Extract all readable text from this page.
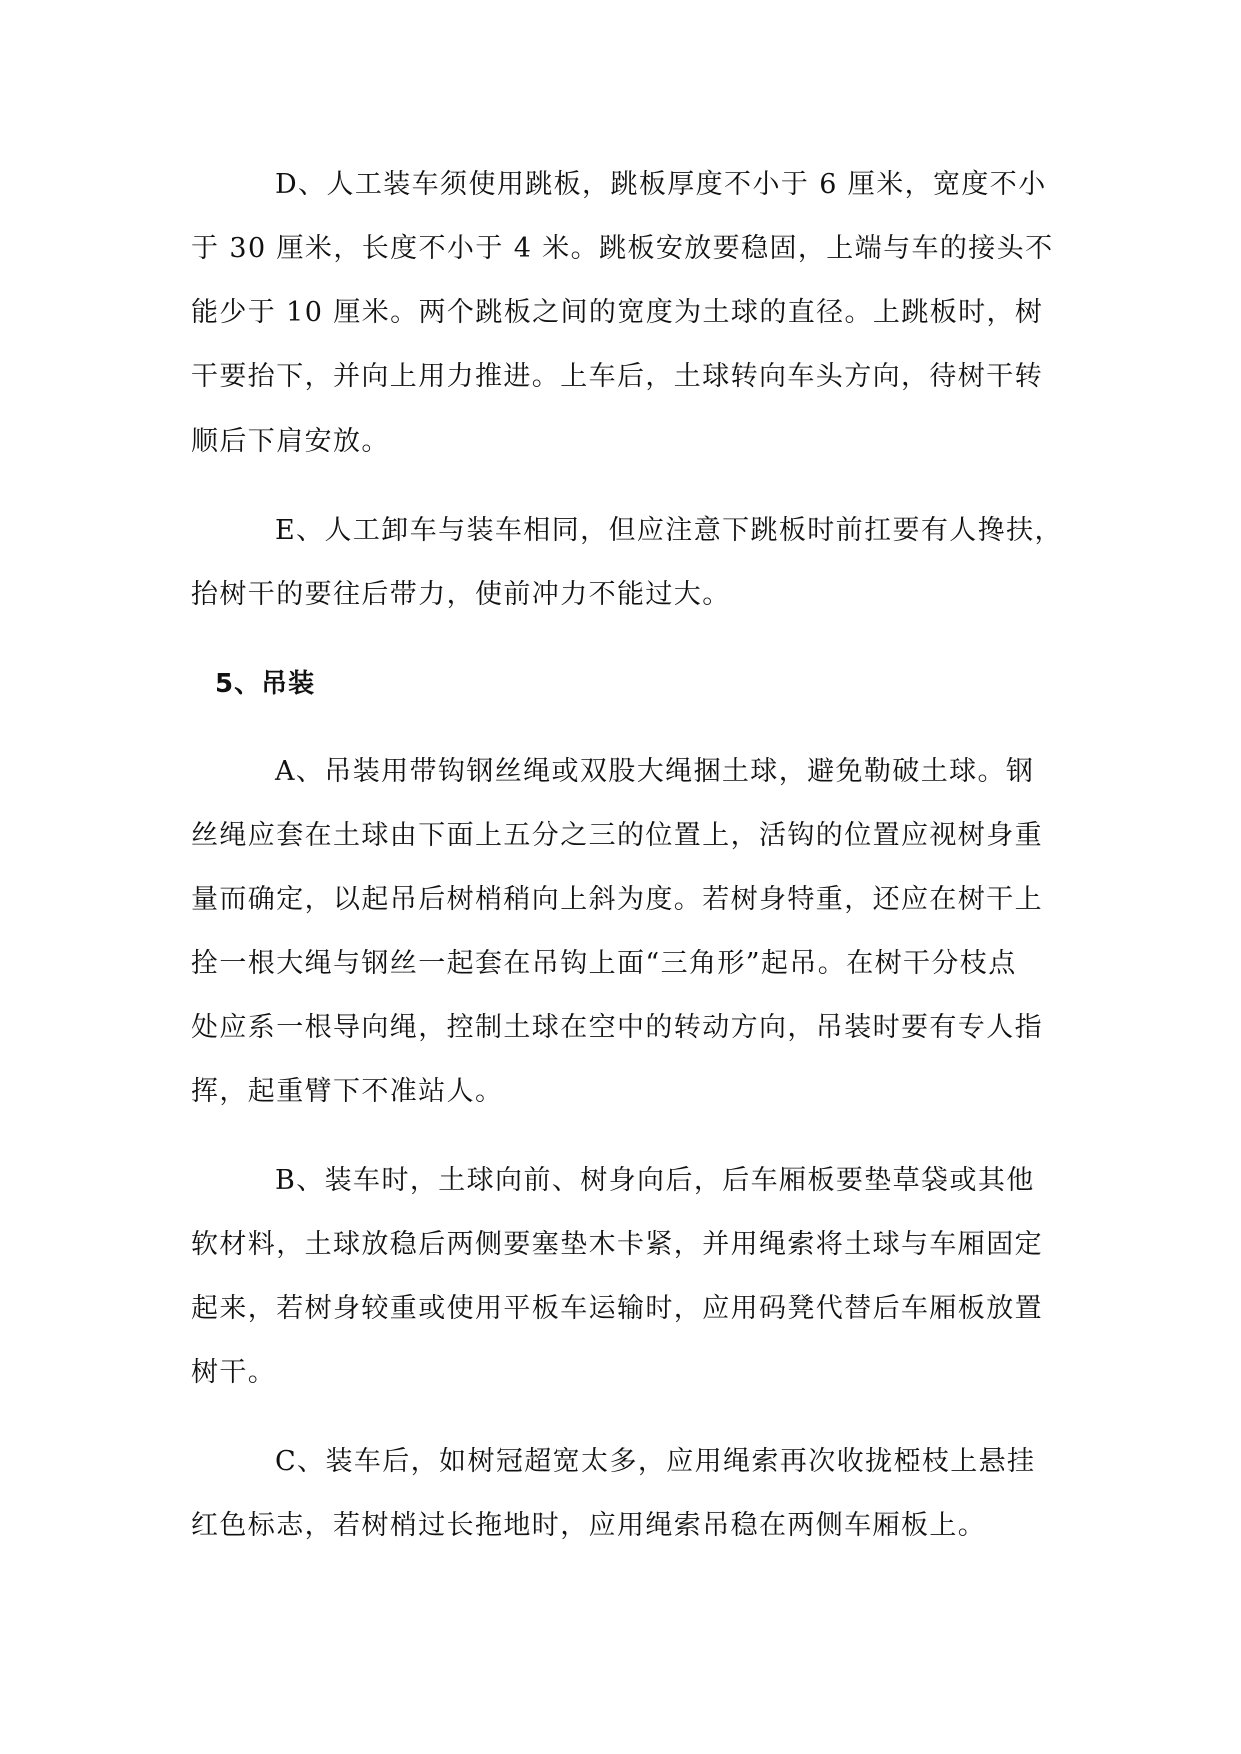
D、人工装车须使用跳板，跳板厚度不小于 6 厘米，宽度不小

于 30 厘米，长度不小于 4 米。跳板安放要稳固，上端与车的接头不

能少于 10 厘米。两个跳板之间的宽度为土球的直径。上跳板时，树

干要抬下，并向上用力推进。上车后，土球转向车头方向，待树干转

顺后下肩安放。

E、人工卸车与装车相同，但应注意下跳板时前扛要有人搀扶，

抬树干的要往后带力，使前冲力不能过大。

5、吊装

A、吊装用带钩钢丝绳或双股大绳捆土球，避免勒破土球。钢

丝绳应套在土球由下面上五分之三的位置上，活钩的位置应视树身重

量而确定，以起吊后树梢稍向上斜为度。若树身特重，还应在树干上

拴一根大绳与钢丝一起套在吊钩上面“三角形”起吊。在树干分枝点

处应系一根导向绳，控制土球在空中的转动方向，吊装时要有专人指

挥，起重臂下不准站人。

B、装车时，土球向前、树身向后，后车厢板要垫草袋或其他

软材料，土球放稳后两侧要塞垫木卡紧，并用绳索将土球与车厢固定

起来，若树身较重或使用平板车运输时，应用码凳代替后车厢板放置

树干。

C、装车后，如树冠超宽太多，应用绳索再次收拢椏枝上悬挂

红色标志，若树梢过长拖地时，应用绳索吊稳在两侧车厢板上。
